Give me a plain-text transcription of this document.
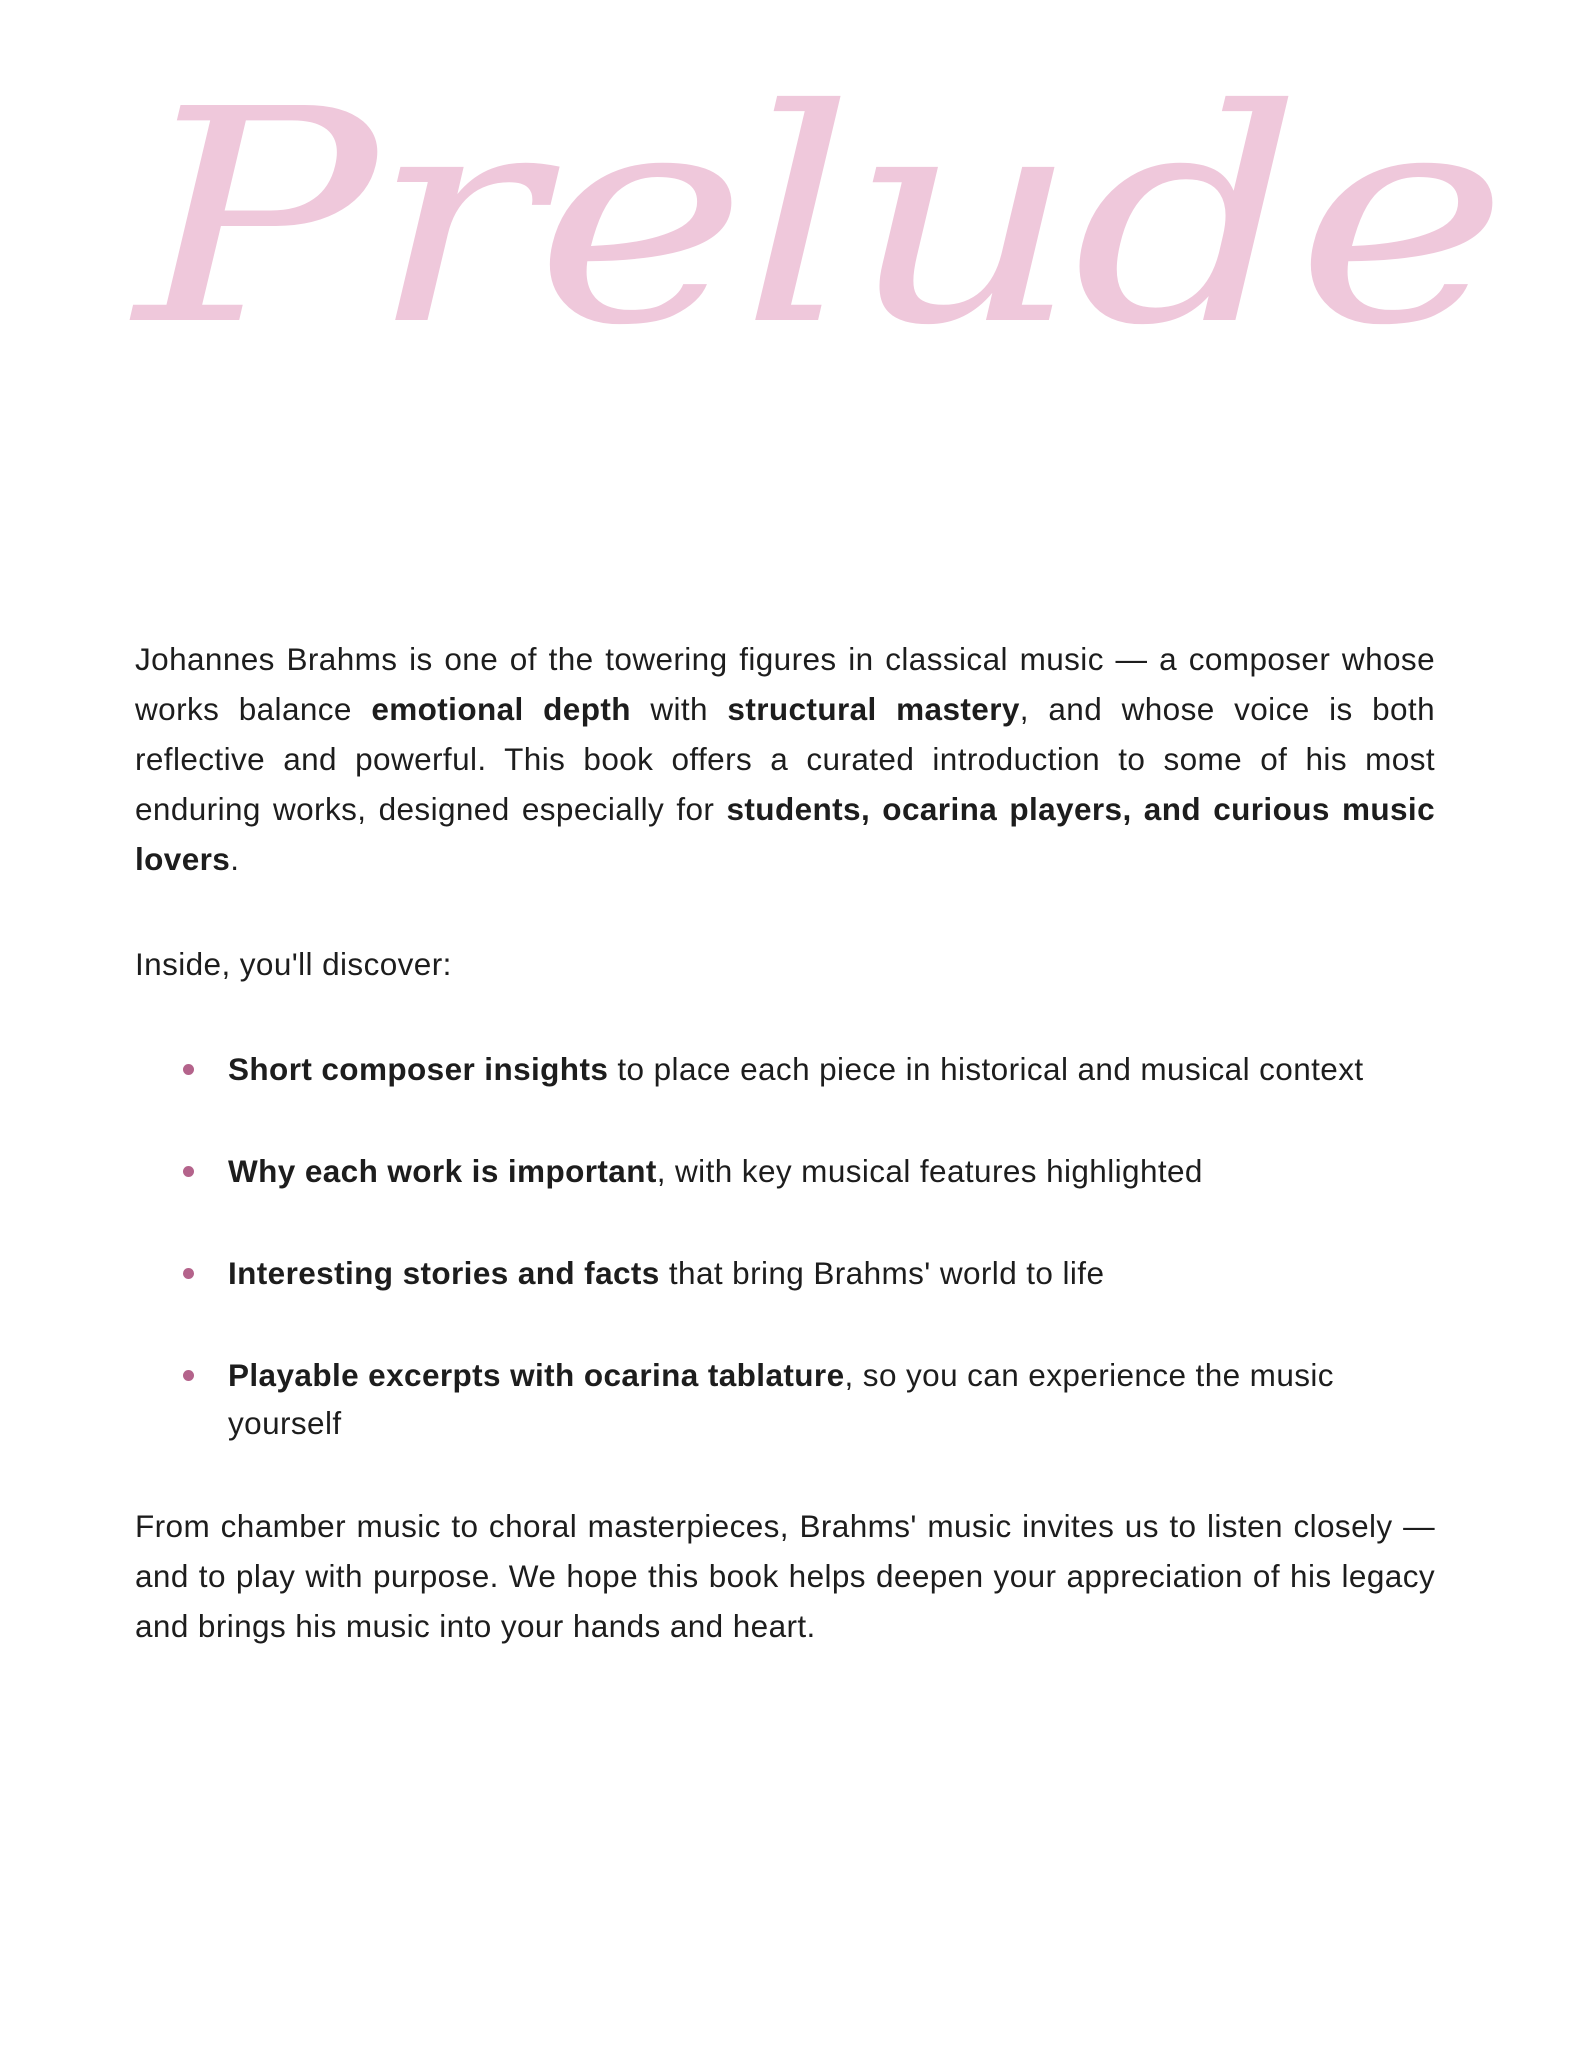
Prelude

Johannes Brahms is one of the towering figures in classical music — a composer whose works balance emotional depth with structural mastery, and whose voice is both reflective and powerful. This book offers a curated introduction to some of his most enduring works, designed especially for students, ocarina players, and curious music lovers.

Inside, you'll discover:

Short composer insights to place each piece in historical and musical context
Why each work is important, with key musical features highlighted
Interesting stories and facts that bring Brahms' world to life
Playable excerpts with ocarina tablature, so you can experience the music yourself

From chamber music to choral masterpieces, Brahms' music invites us to listen closely — and to play with purpose. We hope this book helps deepen your appreciation of his legacy and brings his music into your hands and heart.
